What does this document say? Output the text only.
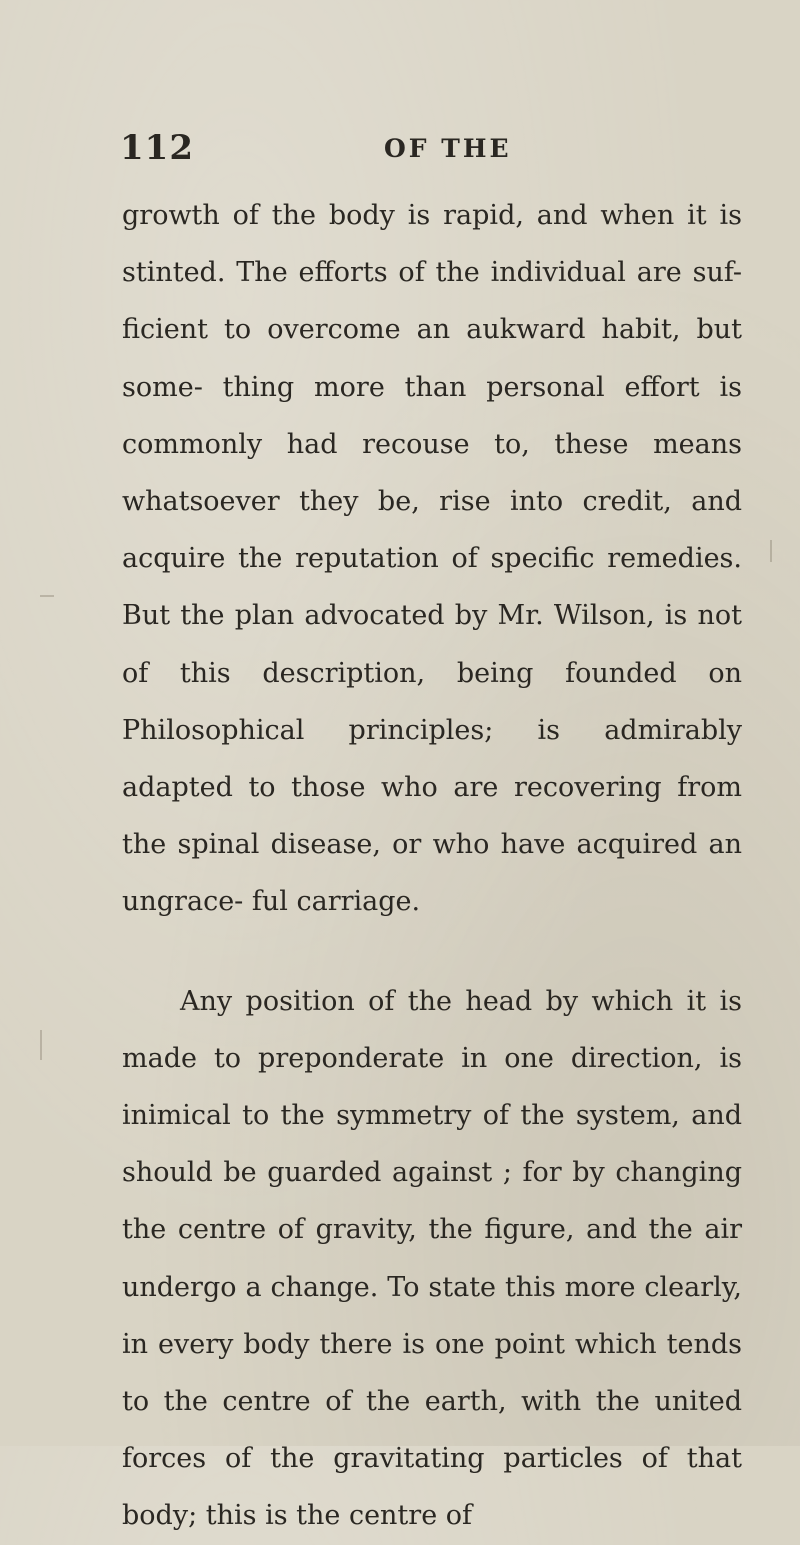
112	OF THE

growth of the body is rapid, and when it is stinted. The efforts of the individual are suf- ficient to overcome an aukward habit, but some- thing more than personal effort is commonly had recouse to, these means whatsoever they be, rise into credit, and acquire the reputation of specific remedies. But the plan advocated by Mr. Wilson, is not of this description, being founded on Philosophical principles; is admirably adapted to those who are recovering from the spinal disease, or who have acquired an ungrace- ful carriage.

Any position of the head by which it is made to preponderate in one direction, is inimical to the symmetry of the system, and should be guarded against ; for by changing the centre of gravity, the figure, and the air undergo a change. To state this more clearly, in every body there is one point which tends to the centre of the earth, with the united forces of the gravitating particles of that body; this is the centre of
